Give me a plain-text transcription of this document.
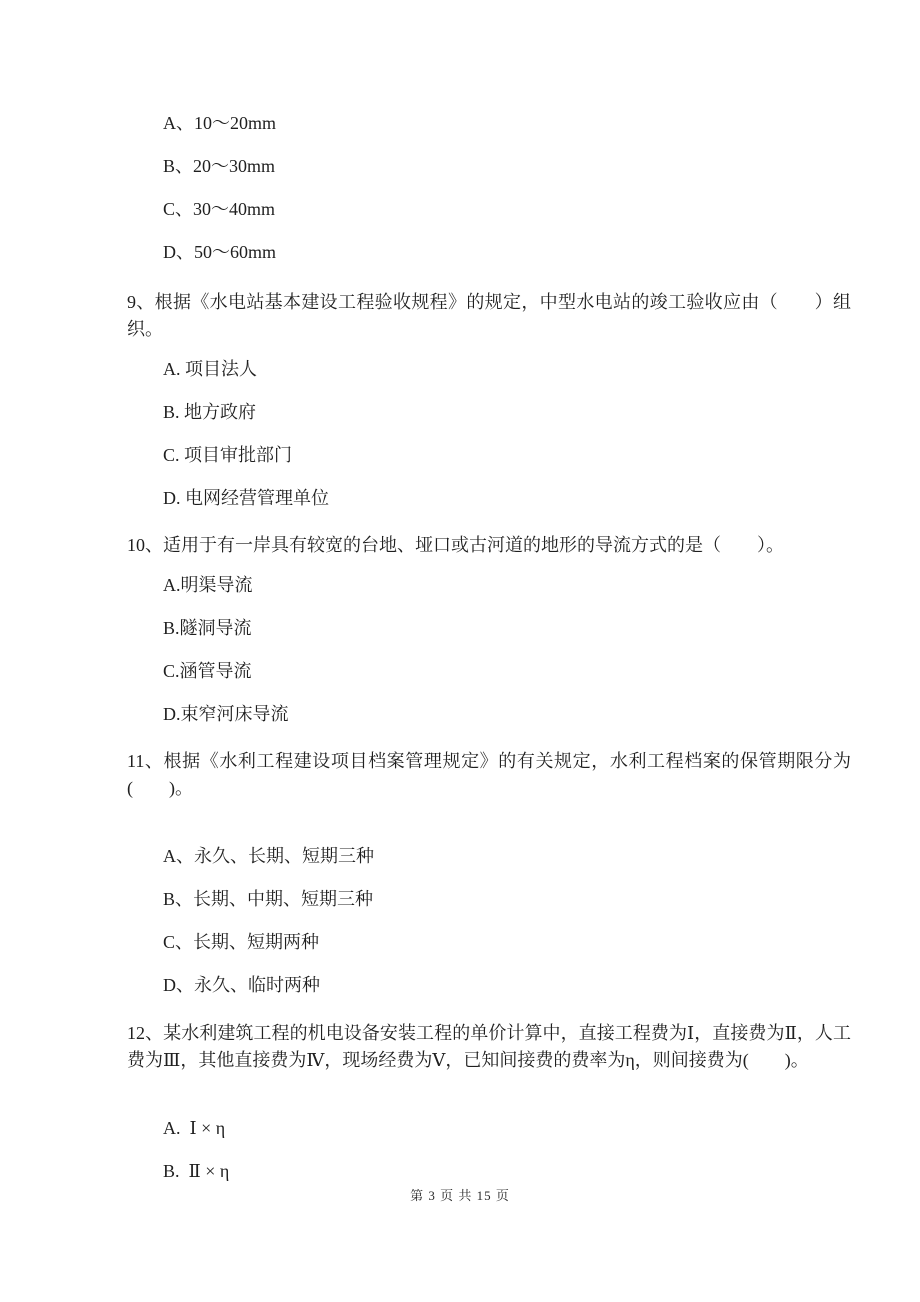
A、10～20mm
B、20～30mm
C、30～40mm
D、50～60mm

9、根据《水电站基本建设工程验收规程》的规定，中型水电站的竣工验收应由（　　）组织。

A. 项目法人
B. 地方政府
C. 项目审批部门
D. 电网经营管理单位

10、适用于有一岸具有较宽的台地、垭口或古河道的地形的导流方式的是（　　）。

A.明渠导流
B.隧洞导流
C.涵管导流
D.束窄河床导流

11、根据《水利工程建设项目档案管理规定》的有关规定，水利工程档案的保管期限分为(　　)。

A、永久、长期、短期三种
B、长期、中期、短期三种
C、长期、短期两种
D、永久、临时两种

12、某水利建筑工程的机电设备安装工程的单价计算中，直接工程费为Ⅰ，直接费为Ⅱ，人工费为Ⅲ，其他直接费为Ⅳ，现场经费为Ⅴ，已知间接费的费率为η，则间接费为(　　)。

A.  Ⅰ × η
B.  Ⅱ × η
第 3 页 共 15 页
